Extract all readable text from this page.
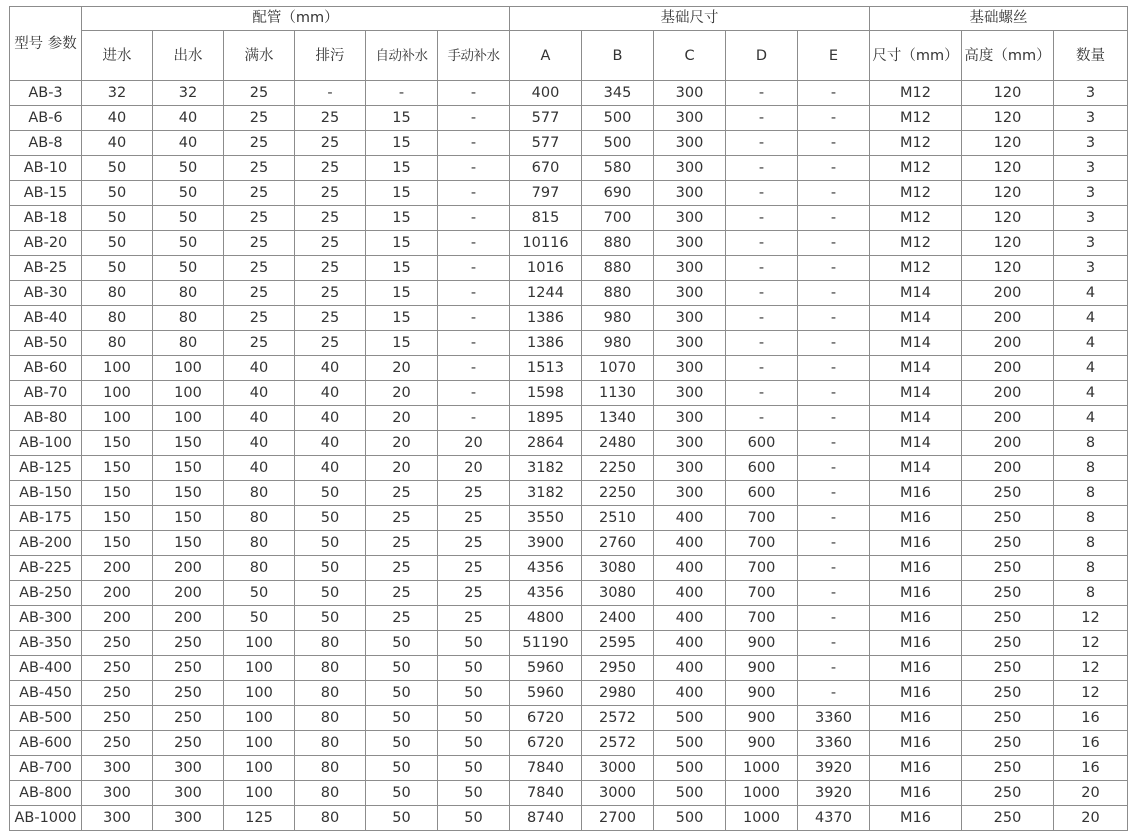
型号 参数	配管（mm）						基础尺寸					基础螺丝		
	进水	出水	满水	排污	自动补水	手动补水	A	B	C	D	E	尺寸（mm）	高度（mm）	数量
AB-3	32	32	25	-	-	-	400	345	300	-	-	M12	120	3
AB-6	40	40	25	25	15	-	577	500	300	-	-	M12	120	3
AB-8	40	40	25	25	15	-	577	500	300	-	-	M12	120	3
AB-10	50	50	25	25	15	-	670	580	300	-	-	M12	120	3
AB-15	50	50	25	25	15	-	797	690	300	-	-	M12	120	3
AB-18	50	50	25	25	15	-	815	700	300	-	-	M12	120	3
AB-20	50	50	25	25	15	-	10116	880	300	-	-	M12	120	3
AB-25	50	50	25	25	15	-	1016	880	300	-	-	M12	120	3
AB-30	80	80	25	25	15	-	1244	880	300	-	-	M14	200	4
AB-40	80	80	25	25	15	-	1386	980	300	-	-	M14	200	4
AB-50	80	80	25	25	15	-	1386	980	300	-	-	M14	200	4
AB-60	100	100	40	40	20	-	1513	1070	300	-	-	M14	200	4
AB-70	100	100	40	40	20	-	1598	1130	300	-	-	M14	200	4
AB-80	100	100	40	40	20	-	1895	1340	300	-	-	M14	200	4
AB-100	150	150	40	40	20	20	2864	2480	300	600	-	M14	200	8
AB-125	150	150	40	40	20	20	3182	2250	300	600	-	M14	200	8
AB-150	150	150	80	50	25	25	3182	2250	300	600	-	M16	250	8
AB-175	150	150	80	50	25	25	3550	2510	400	700	-	M16	250	8
AB-200	150	150	80	50	25	25	3900	2760	400	700	-	M16	250	8
AB-225	200	200	80	50	25	25	4356	3080	400	700	-	M16	250	8
AB-250	200	200	50	50	25	25	4356	3080	400	700	-	M16	250	8
AB-300	200	200	50	50	25	25	4800	2400	400	700	-	M16	250	12
AB-350	250	250	100	80	50	50	51190	2595	400	900	-	M16	250	12
AB-400	250	250	100	80	50	50	5960	2950	400	900	-	M16	250	12
AB-450	250	250	100	80	50	50	5960	2980	400	900	-	M16	250	12
AB-500	250	250	100	80	50	50	6720	2572	500	900	3360	M16	250	16
AB-600	250	250	100	80	50	50	6720	2572	500	900	3360	M16	250	16
AB-700	300	300	100	80	50	50	7840	3000	500	1000	3920	M16	250	16
AB-800	300	300	100	80	50	50	7840	3000	500	1000	3920	M16	250	20
AB-1000	300	300	125	80	50	50	8740	2700	500	1000	4370	M16	250	20
